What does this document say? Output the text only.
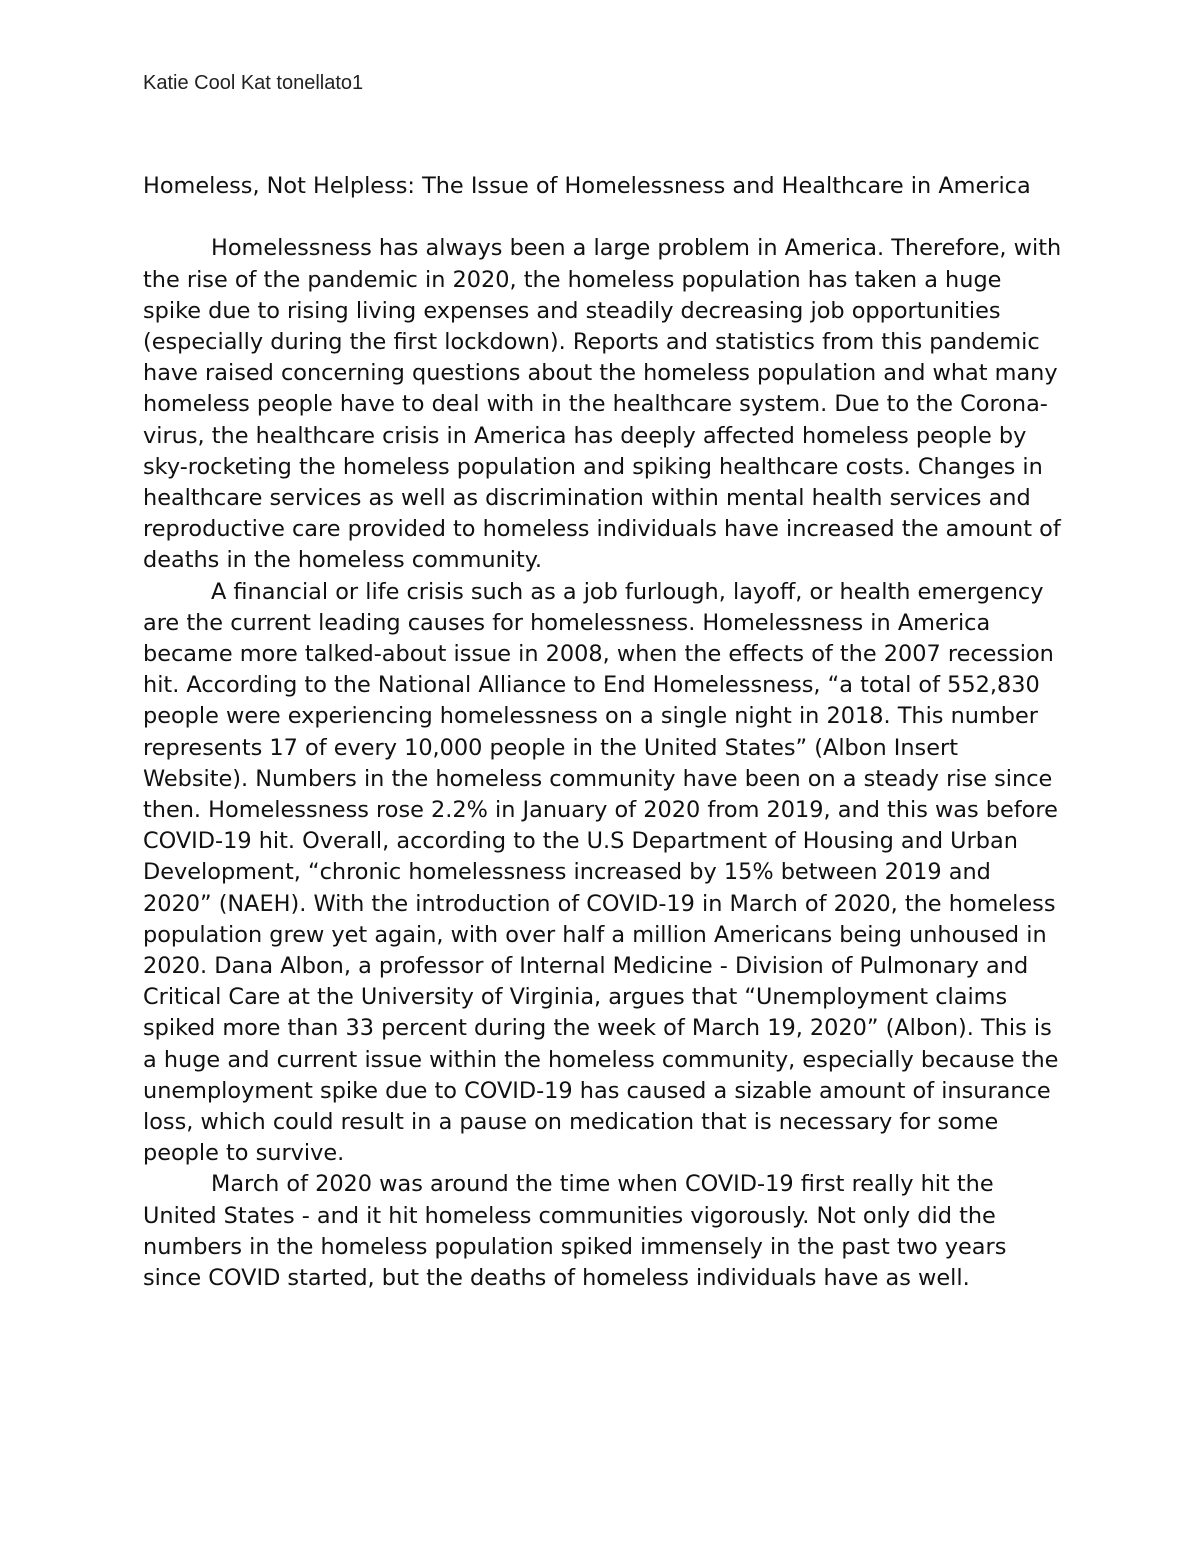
Katie Cool Kat tonellato1

Homeless, Not Helpless: The Issue of Homelessness and Healthcare in America

Homelessness has always been a large problem in America. Therefore, with the rise of the pandemic in 2020, the homeless population has taken a huge spike due to rising living expenses and steadily decreasing job opportunities (especially during the first lockdown). Reports and statistics from this pandemic have raised concerning questions about the homeless population and what many homeless people have to deal with in the healthcare system. Due to the Corona-virus, the healthcare crisis in America has deeply affected homeless people by sky-rocketing the homeless population and spiking healthcare costs. Changes in healthcare services as well as discrimination within mental health services and reproductive care provided to homeless individuals have increased the amount of deaths in the homeless community.

A financial or life crisis such as a job furlough, layoff, or health emergency are the current leading causes for homelessness. Homelessness in America became more talked-about issue in 2008, when the effects of the 2007 recession hit. According to the National Alliance to End Homelessness, “a total of 552,830 people were experiencing homelessness on a single night in 2018. This number represents 17 of every 10,000 people in the United States” (Albon Insert Website). Numbers in the homeless community have been on a steady rise since then. Homelessness rose 2.2% in January of 2020 from 2019, and this was before COVID-19 hit. Overall, according to the U.S Department of Housing and Urban Development, “chronic homelessness increased by 15% between 2019 and 2020” (NAEH). With the introduction of COVID-19 in March of 2020, the homeless population grew yet again, with over half a million Americans being unhoused in 2020. Dana Albon, a professor of Internal Medicine - Division of Pulmonary and Critical Care at the University of Virginia, argues that “Unemployment claims spiked more than 33 percent during the week of March 19, 2020” (Albon). This is a huge and current issue within the homeless community, especially because the unemployment spike due to COVID-19 has caused a sizable amount of insurance loss, which could result in a pause on medication that is necessary for some people to survive.

March of 2020 was around the time when COVID-19 first really hit the United States - and it hit homeless communities vigorously. Not only did the numbers in the homeless population spiked immensely in the past two years since COVID started, but the deaths of homeless individuals have as well.
